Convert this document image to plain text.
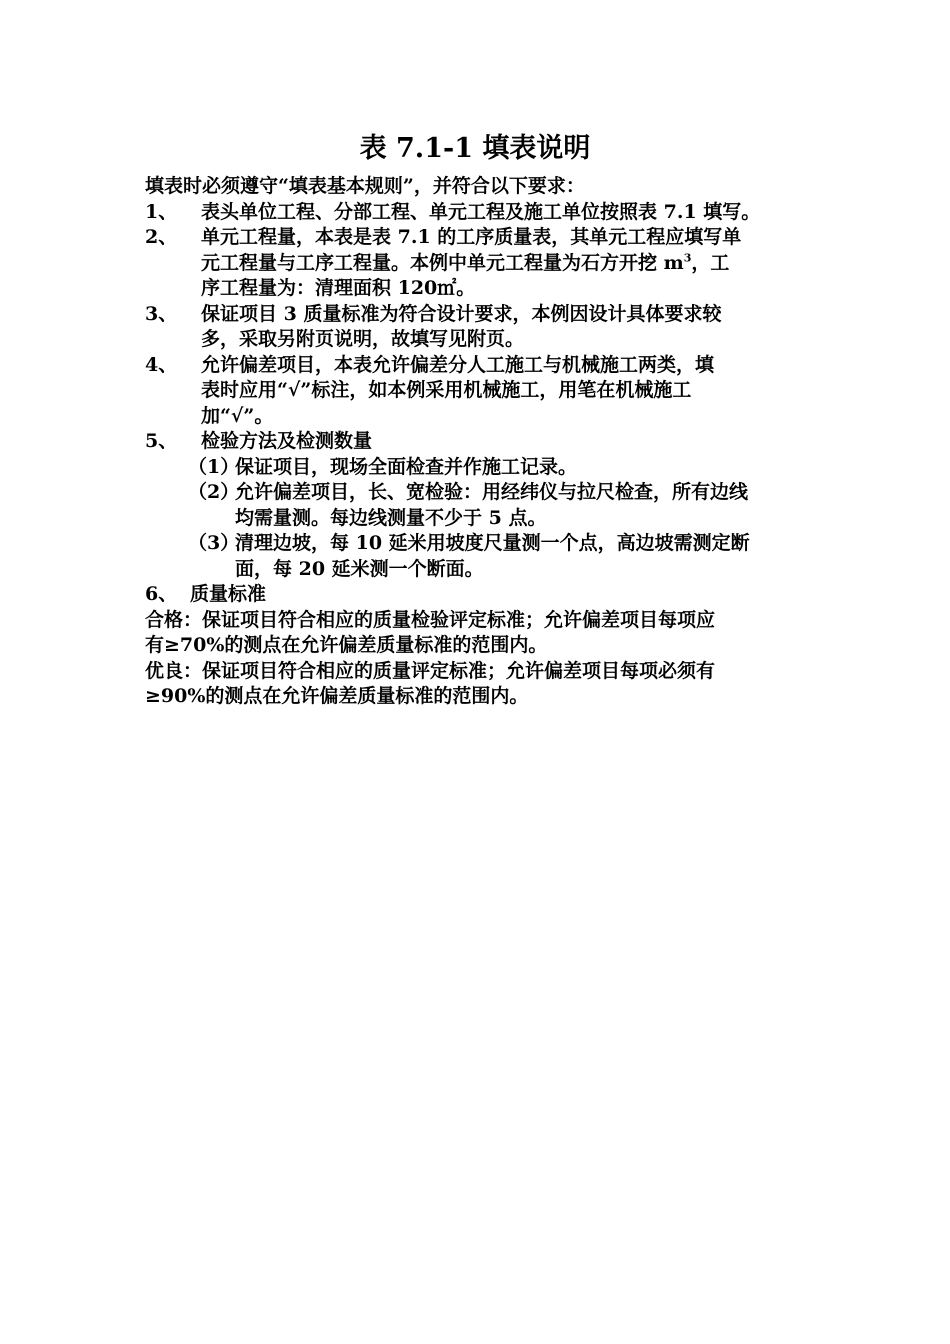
表 7.1-1 填表说明
填表时必须遵守“填表基本规则”，并符合以下要求：
1、 表头单位工程、分部工程、单元工程及施工单位按照表 7.1 填写。
2、 单元工程量，本表是表 7.1 的工序质量表，其单元工程应填写单
元工程量与工序工程量。本例中单元工程量为石方开挖 $m^3$，工
序工程量为：清理面积 120㎡。
3、 保证项目 3 质量标准为符合设计要求，本例因设计具体要求较
多，采取另附页说明，故填写见附页。
4、 允许偏差项目，本表允许偏差分人工施工与机械施工两类，填
表时应用“√”标注，如本例采用机械施工，用笔在机械施工
加“√”。
5、 检验方法及检测数量
（1）保证项目，现场全面检查并作施工记录。
（2）允许偏差项目，长、宽检验：用经纬仪与拉尺检查，所有边线
均需量测。每边线测量不少于 5 点。
（3）清理边坡，每 10 延米用坡度尺量测一个点，高边坡需测定断
面，每 20 延米测一个断面。
6、 质量标准
合格：保证项目符合相应的质量检验评定标准；允许偏差项目每项应
有≥70%的测点在允许偏差质量标准的范围内。
优良：保证项目符合相应的质量评定标准；允许偏差项目每项必须有
≥90%的测点在允许偏差质量标准的范围内。
